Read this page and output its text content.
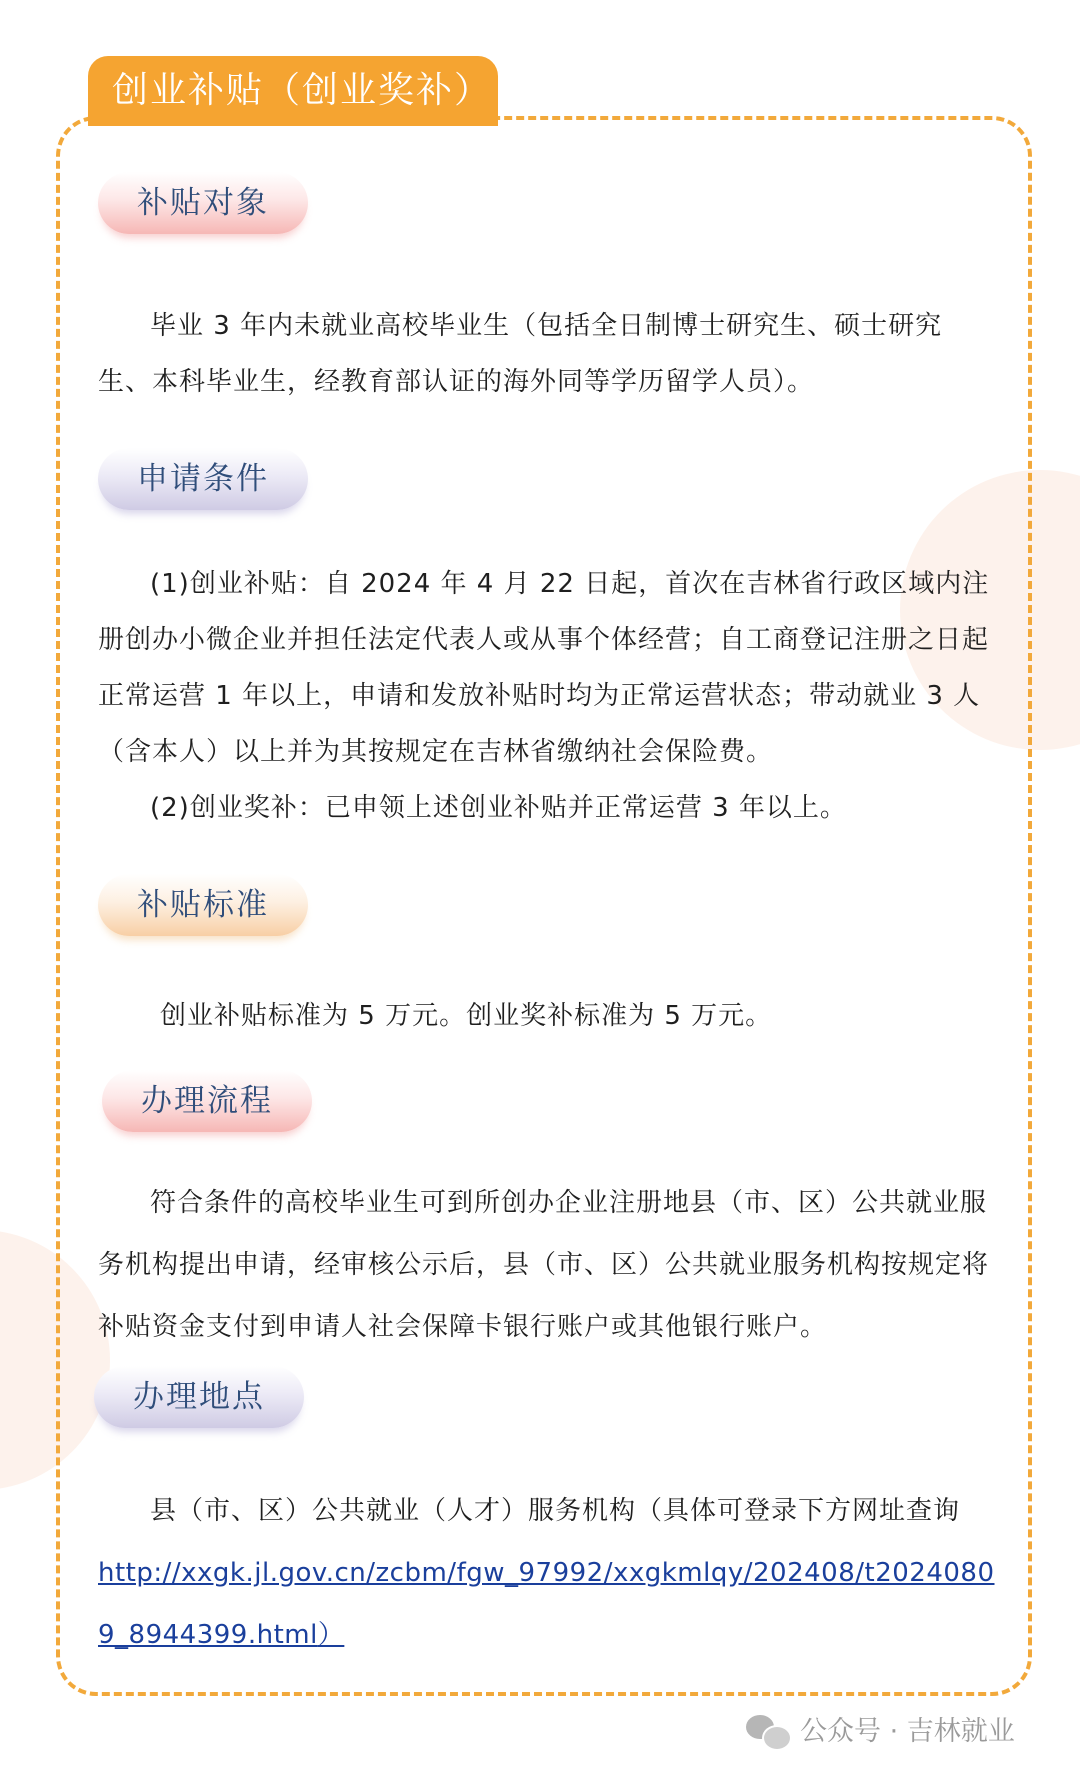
创业补贴（创业奖补）
补贴对象

毕业 3 年内未就业高校毕业生（包括全日制博士研究生、硕士研究生、本科毕业生，经教育部认证的海外同等学历留学人员）。

申请条件

(1)创业补贴：自 2024 年 4 月 22 日起，首次在吉林省行政区域内注册创办小微企业并担任法定代表人或从事个体经营；自工商登记注册之日起正常运营 1 年以上，申请和发放补贴时均为正常运营状态；带动就业 3 人（含本人）以上并为其按规定在吉林省缴纳社会保险费。

(2)创业奖补：已申领上述创业补贴并正常运营 3 年以上。

补贴标准

创业补贴标准为 5 万元。创业奖补标准为 5 万元。

办理流程

符合条件的高校毕业生可到所创办企业注册地县（市、区）公共就业服务机构提出申请，经审核公示后，县（市、区）公共就业服务机构按规定将补贴资金支付到申请人社会保障卡银行账户或其他银行账户。

办理地点

县（市、区）公共就业（人才）服务机构（具体可登录下方网址查询

http://xxgk.jl.gov.cn/zcbm/fgw_97992/xxgkmlqy/202408/t20240809_8944399.html）
公众号 · 吉林就业
